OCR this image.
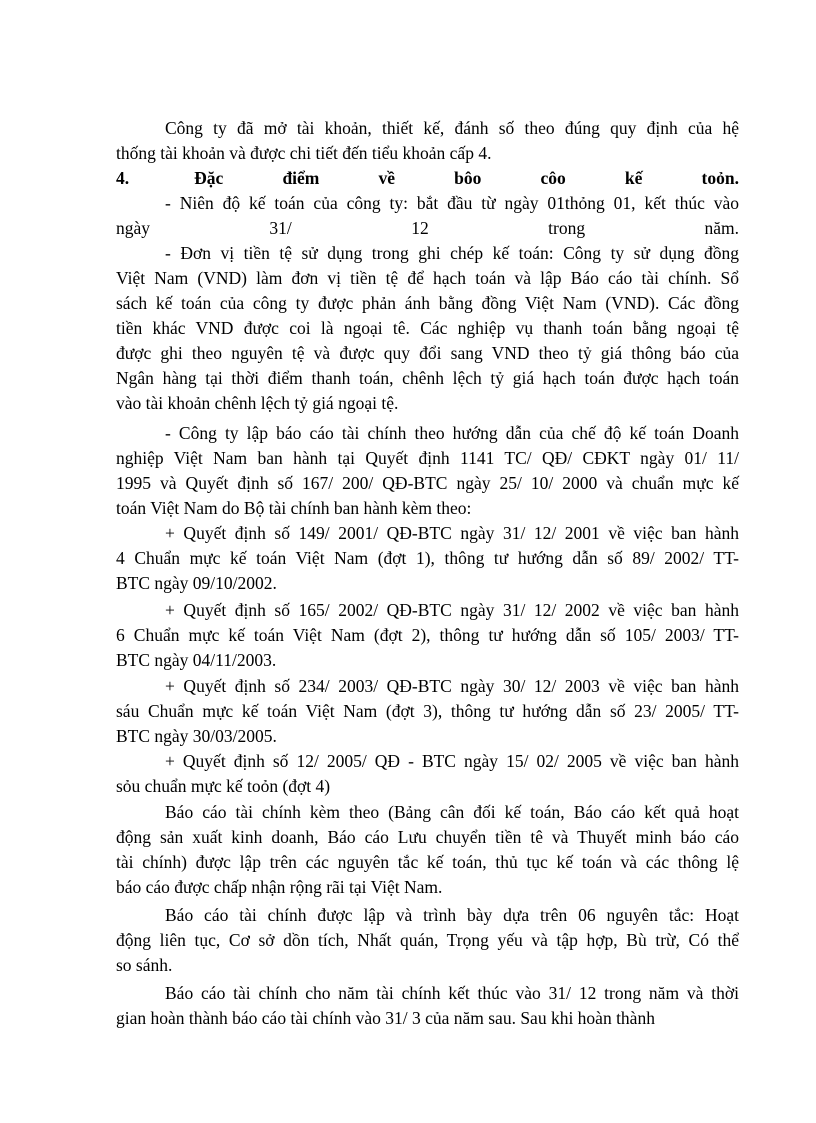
Công ty đã mở tài khoản, thiết kế, đánh số theo đúng quy định của hệ
thống tài khoản và được chi tiết đến tiểu khoản cấp 4.
4.           Đặc          điểm          về          bôo          côo          kế          toỏn.
- Niên độ kế toán của công ty: bắt đầu từ ngày 01thỏng 01, kết thúc vào
ngày            31/            12            trong            năm.
- Đơn vị tiền tệ sử dụng trong ghi chép kế toán: Công ty sử dụng đồng
Việt Nam (VND) làm đơn vị tiền tệ để hạch toán và lập Báo cáo tài chính. Sổ
sách kế toán của công ty được phản ánh bằng đồng Việt Nam (VND). Các đồng
tiền khác VND được coi là ngoại tê. Các nghiệp vụ thanh toán bằng ngoại tệ
được ghi theo nguyên tệ và được quy đổi sang VND theo tỷ giá thông báo của
Ngân hàng tại thời điểm thanh toán, chênh lệch tỷ giá hạch toán được hạch toán
vào tài khoản chênh lệch tỷ giá ngoại tệ.
- Công ty lập báo cáo tài chính theo hướng dẫn của chế độ kế toán Doanh
nghiệp Việt Nam ban hành tại Quyết định 1141 TC/ QĐ/ CĐKT ngày 01/ 11/
1995 và Quyết định số 167/ 200/ QĐ-BTC ngày 25/ 10/ 2000 và chuẩn mực kế
toán Việt Nam do Bộ tài chính ban hành kèm theo:
+ Quyết định số 149/ 2001/ QĐ-BTC ngày 31/ 12/ 2001 về việc ban hành
4 Chuẩn mực kế toán Việt Nam (đợt 1), thông tư hướng dẫn số 89/ 2002/ TT-
BTC ngày 09/10/2002.
+ Quyết định số 165/ 2002/ QĐ-BTC ngày 31/ 12/ 2002 về việc ban hành
6 Chuẩn mực kế toán Việt Nam (đợt 2), thông tư hướng dẫn số 105/ 2003/ TT-
BTC ngày 04/11/2003.
+ Quyết định số 234/ 2003/ QĐ-BTC ngày 30/ 12/ 2003 về việc ban hành
sáu Chuẩn mực kế toán Việt Nam (đợt 3), thông tư hướng dẫn số 23/ 2005/ TT-
BTC ngày 30/03/2005.
+ Quyết định số 12/ 2005/ QĐ - BTC ngày 15/ 02/ 2005 về việc ban hành
sỏu chuẩn mực kế toỏn (đợt 4)
Báo cáo tài chính kèm theo (Bảng cân đối kế toán, Báo cáo kết quả hoạt
động sản xuất kinh doanh, Báo cáo Lưu chuyển tiền tê và Thuyết minh báo cáo
tài chính) được lập trên các nguyên tắc kế toán, thủ tục kế toán và các thông lệ
báo cáo được chấp nhận rộng rãi tại Việt Nam.
Báo cáo tài chính được lập và trình bày dựa trên 06 nguyên tắc: Hoạt
động liên tục, Cơ sở dồn tích, Nhất quán, Trọng yếu và tập hợp, Bù trừ, Có thể
so sánh.
Báo cáo tài chính cho năm tài chính kết thúc vào 31/ 12 trong năm và thời
gian hoàn thành báo cáo tài chính vào 31/ 3 của năm sau. Sau khi hoàn thành
